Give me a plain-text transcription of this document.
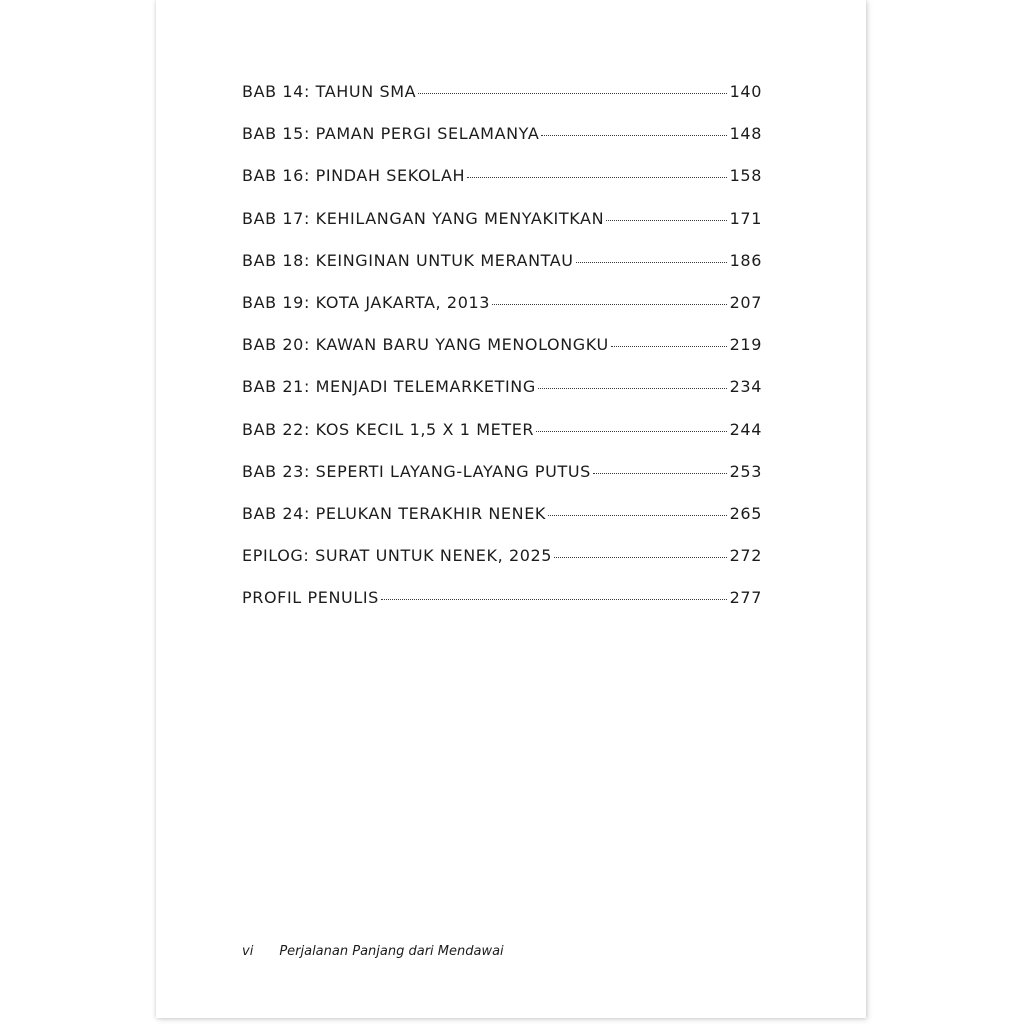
BAB 14: TAHUN SMA	140
BAB 15: PAMAN PERGI SELAMANYA	148
BAB 16: PINDAH SEKOLAH	158
BAB 17: KEHILANGAN YANG MENYAKITKAN	171
BAB 18: KEINGINAN UNTUK MERANTAU	186
BAB 19: KOTA JAKARTA, 2013	207
BAB 20: KAWAN BARU YANG MENOLONGKU	219
BAB 21: MENJADI TELEMARKETING	234
BAB 22: KOS KECIL 1,5 X 1 METER	244
BAB 23: SEPERTI LAYANG-LAYANG PUTUS	253
BAB 24: PELUKAN TERAKHIR NENEK	265
EPILOG: SURAT UNTUK NENEK, 2025	272
PROFIL PENULIS	277
vi Perjalanan Panjang dari Mendawai
